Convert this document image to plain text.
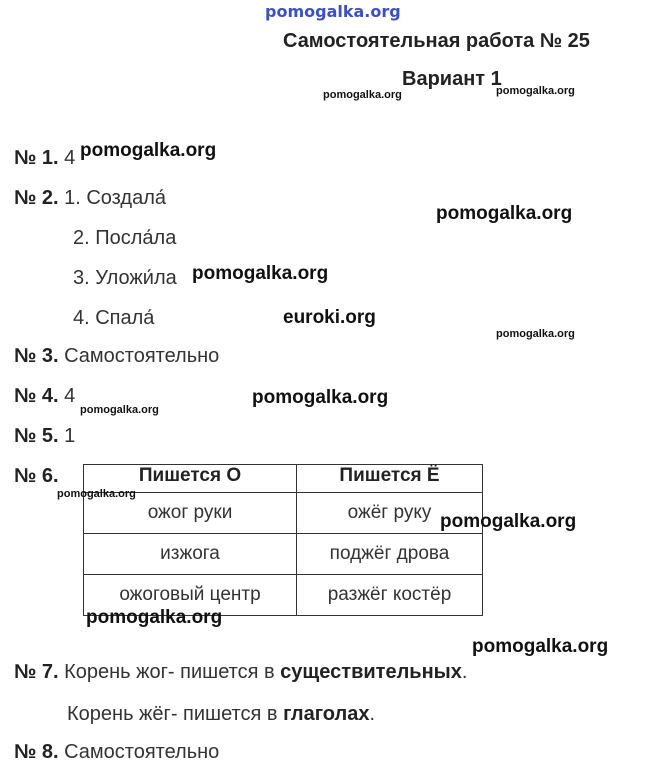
pomogalka.org
Самостоятельная работа № 25
Вариант 1
pomogalka.org	pomogalka.org
№ 1. 4 pomogalka.org
№ 2. 1. Создала́
2. Посла́ла
3. Уложи́ла
4. Спала́
pomogalka.org
pomogalka.org
euroki.org
pomogalka.org
№ 3. Самостоятельно
№ 4. 4
pomogalka.org
pomogalka.org
№ 5. 1
№ 6.	Пишется О	Пишется Ё
ожог руки	ожёг руку
изжога	поджёг дрова
ожоговый центр	разжёг костёр
pomogalka.org
pomogalka.org
pomogalka.org
pomogalka.org
№ 7. Корень жог- пишется в существительных.
Корень жёг- пишется в глаголах.
№ 8. Самостоятельно
